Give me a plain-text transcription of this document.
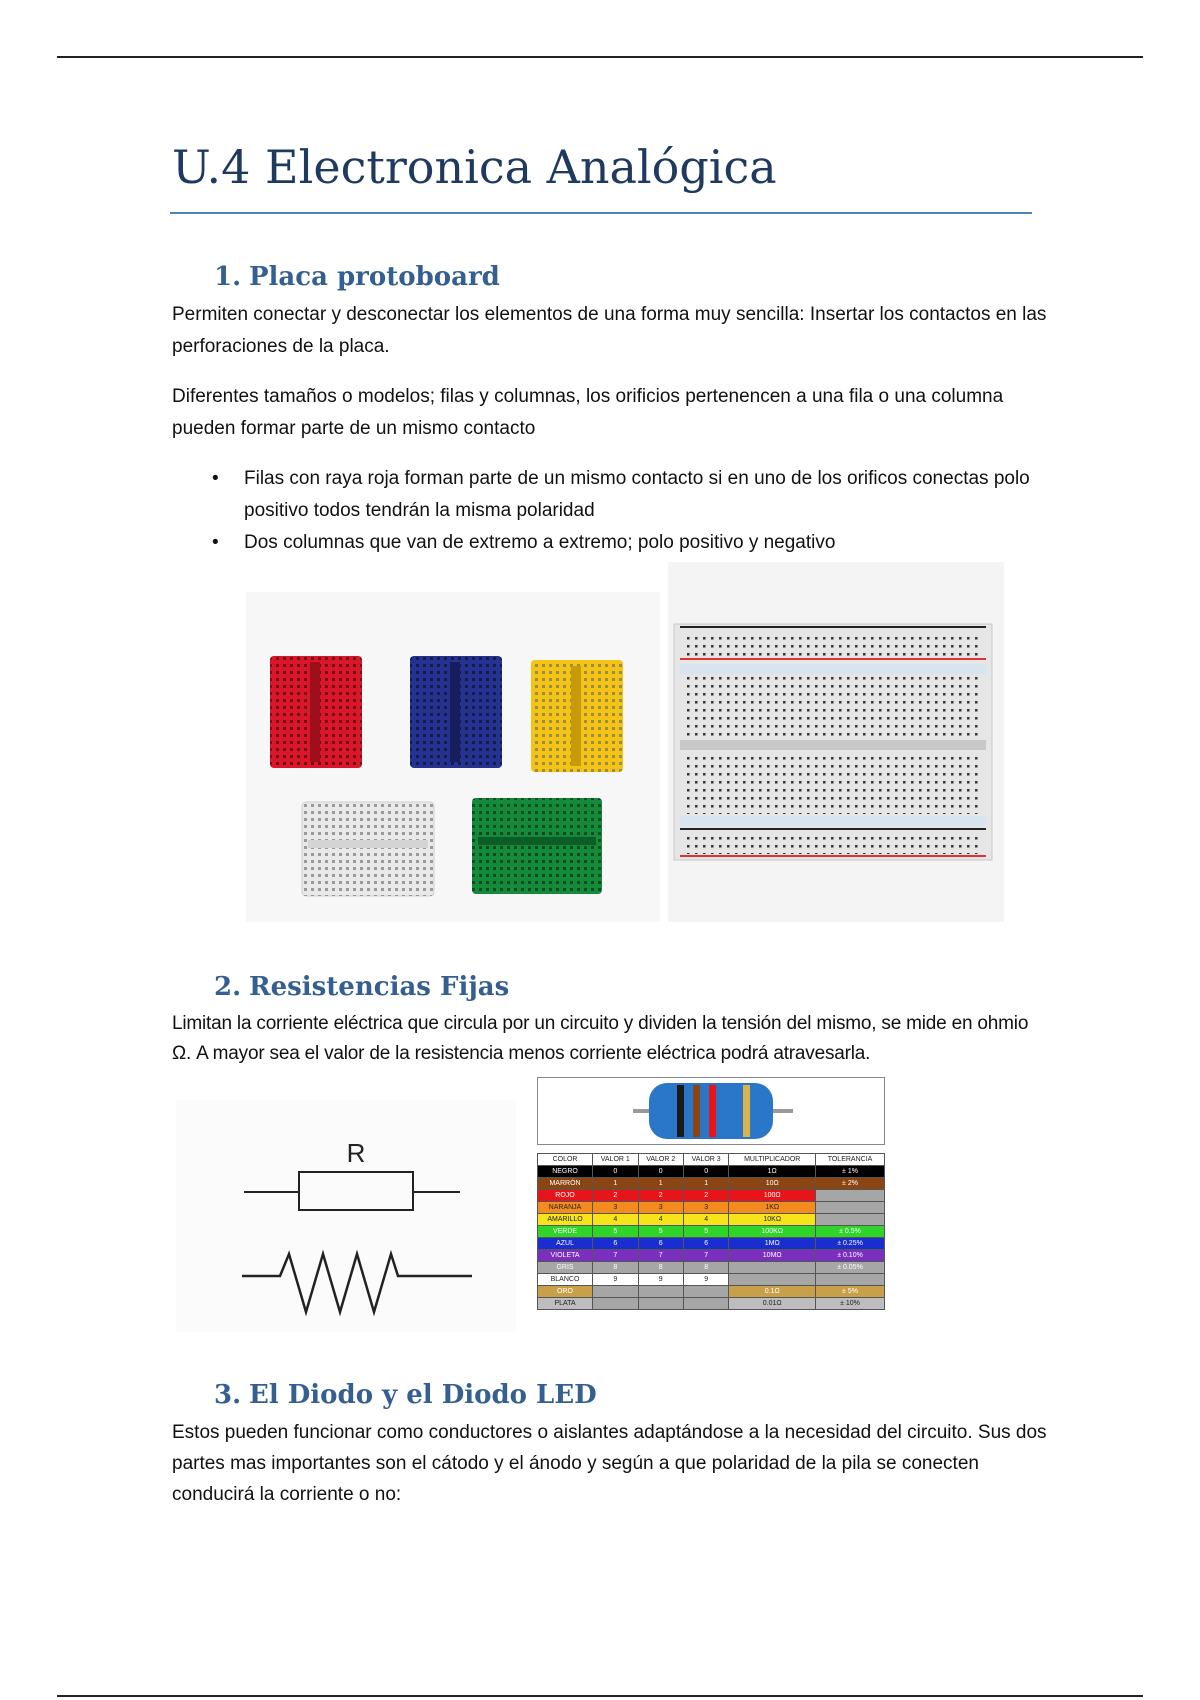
U.4 Electronica Analógica
1. Placa protoboard

Permiten conectar y desconectar los elementos de una forma muy sencilla: Insertar los contactos en las perforaciones de la placa.

Diferentes tamaños o modelos; filas y columnas, los orificios pertenencen a una fila o una columna pueden formar parte de un mismo contacto

• Filas con raya roja forman parte de un mismo contacto si en uno de los orificos conectas polo positivo todos tendrán la misma polaridad
• Dos columnas que van de extremo a extremo; polo positivo y negativo
2. Resistencias Fijas

Limitan la corriente eléctrica que circula por un circuito y dividen la tensión del mismo, se mide en ohmio Ω. A mayor sea el valor de la resistencia menos corriente eléctrica podrá atravesarla.

R	COLOR	VALOR 1	VALOR 2	VALOR 3	MULTIPLICADOR	TOLERANCIA
NEGRO	0	0	0	1Ω	± 1%
MARRÓN	1	1	1	10Ω	± 2%
ROJO	2	2	2	100Ω	
NARANJA	3	3	3	1KΩ	
AMARILLO	4	4	4	10KΩ	
VERDE	5	5	5	100KΩ	± 0.5%
AZUL	6	6	6	1MΩ	± 0.25%
VIOLETA	7	7	7	10MΩ	± 0.10%
GRIS	8	8	8		± 0.05%
BLANCO	9	9	9		
ORO				0.1Ω	± 5%
PLATA				0.01Ω	± 10%
3. El Diodo y el Diodo LED

Estos pueden funcionar como conductores o aislantes adaptándose a la necesidad del circuito. Sus dos partes mas importantes son el cátodo y el ánodo y según a que polaridad de la pila se conecten conducirá la corriente o no:
